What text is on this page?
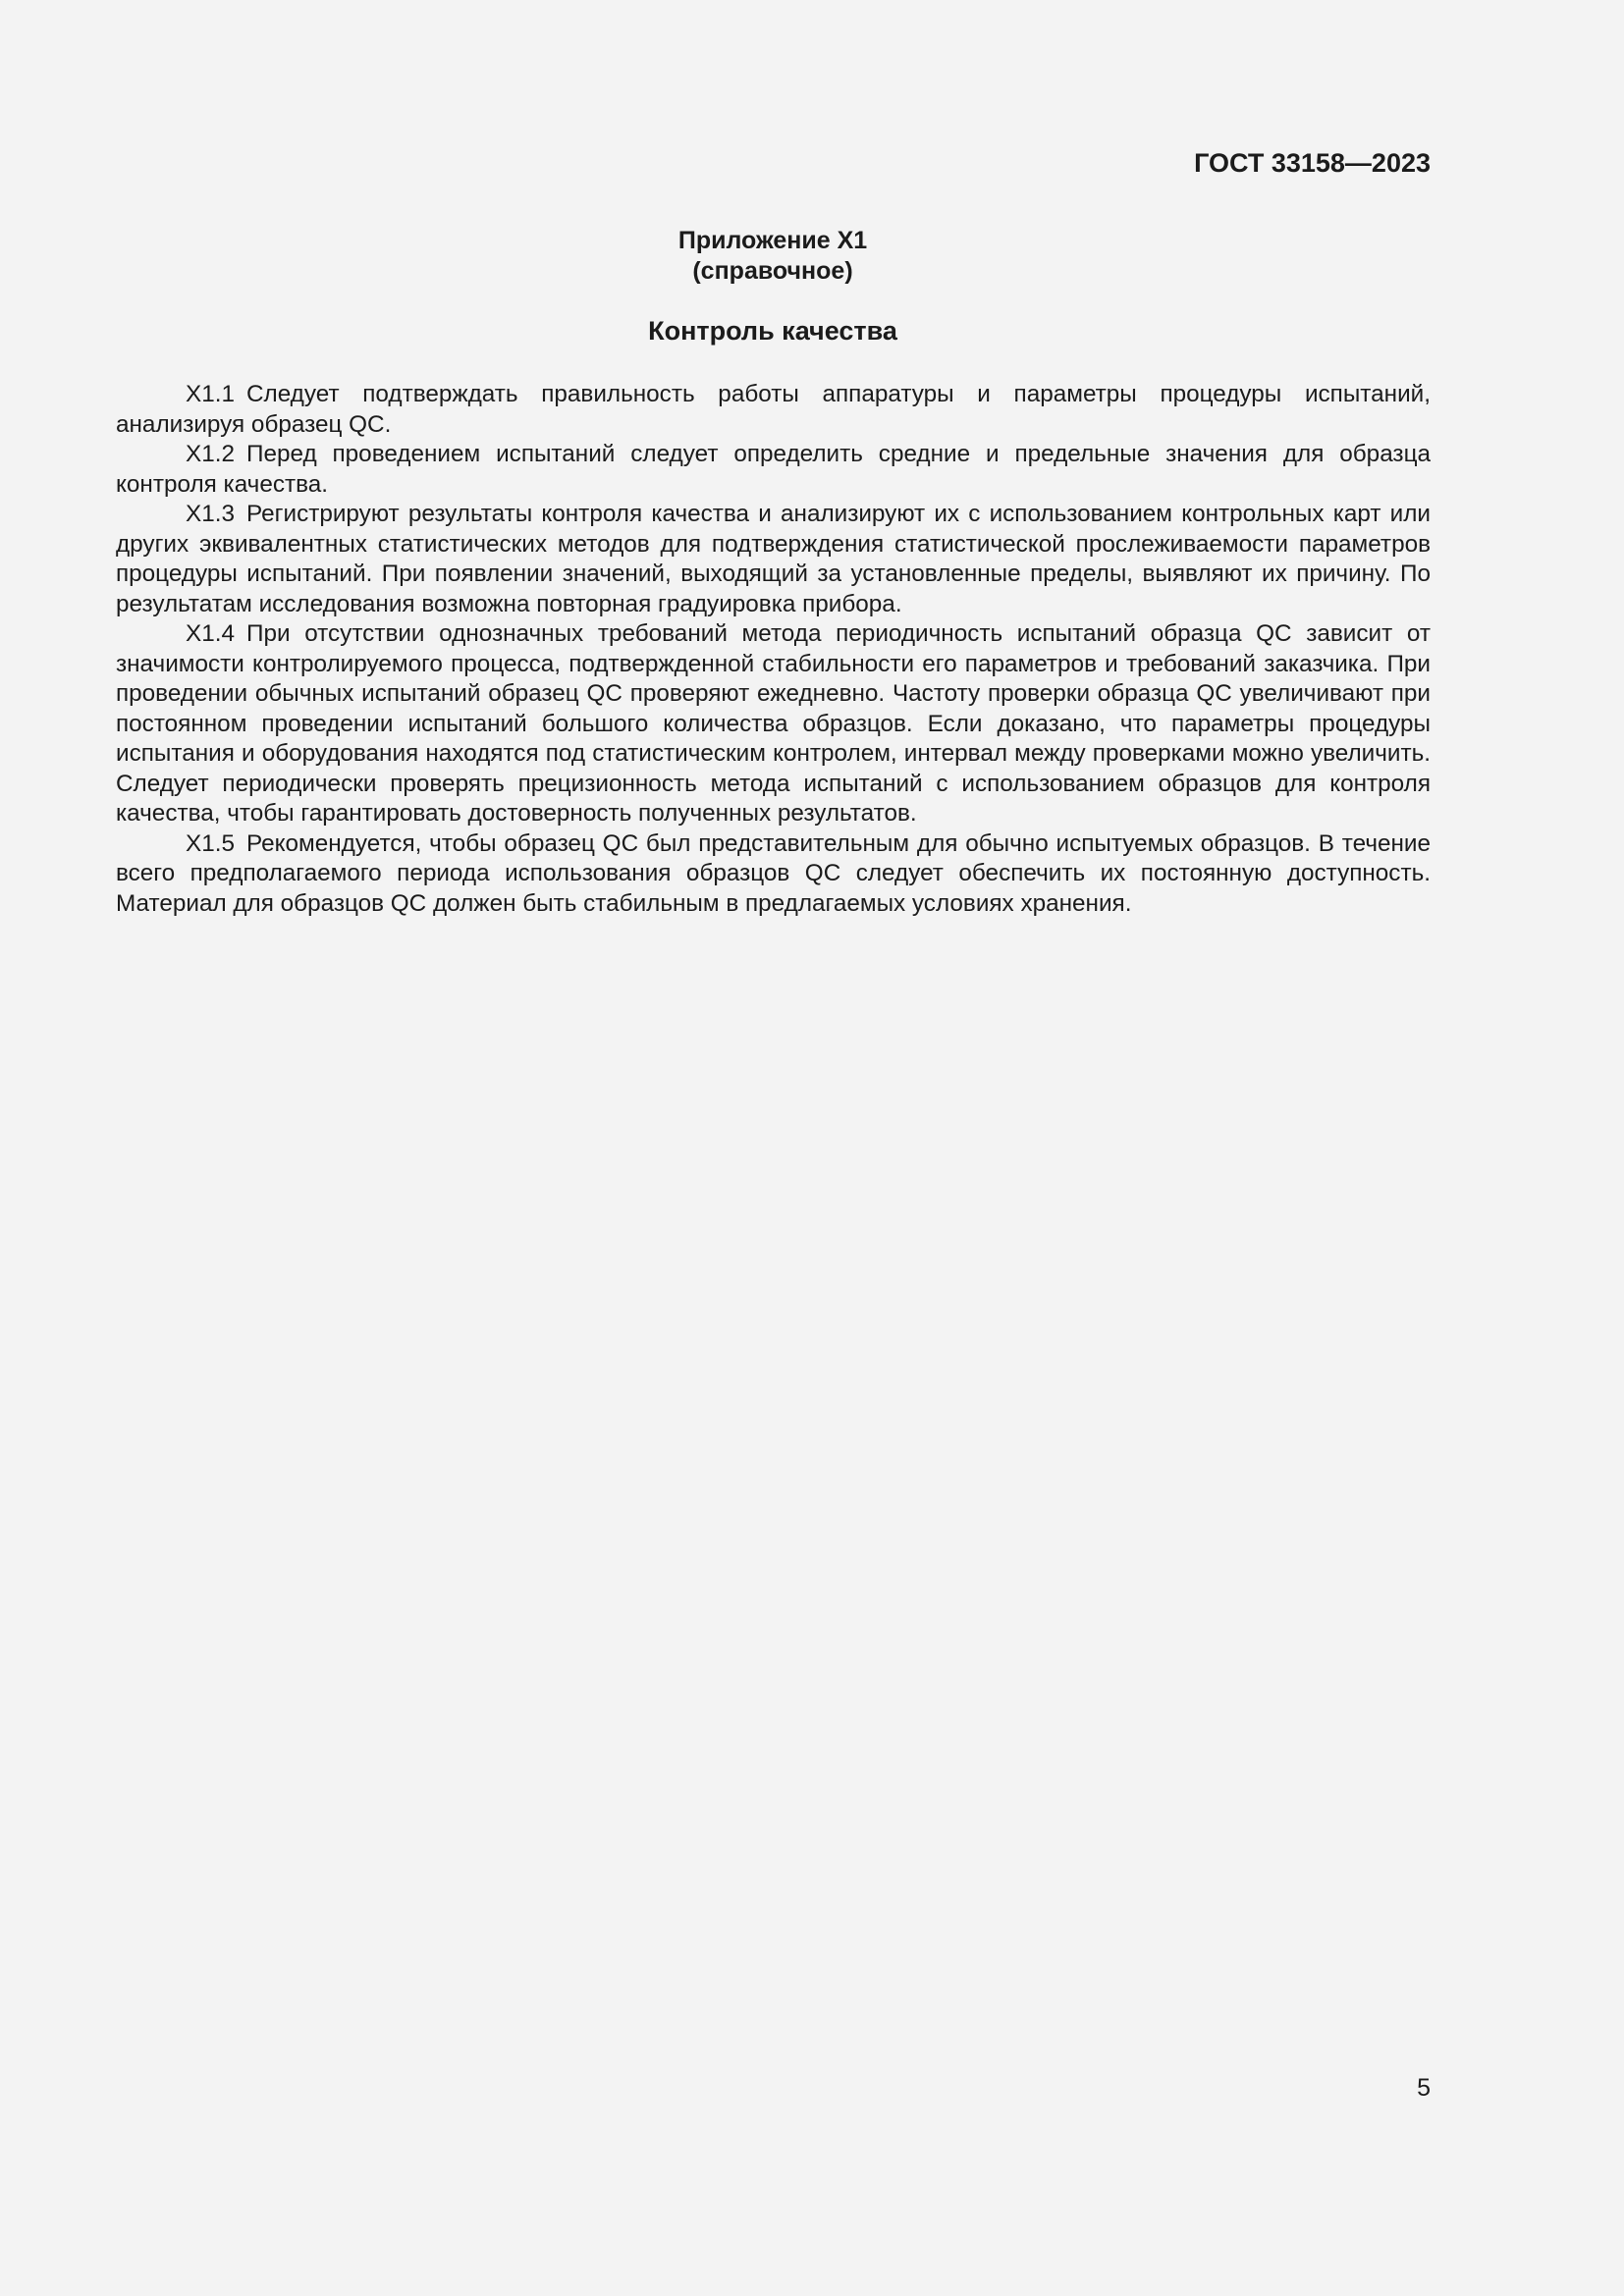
ГОСТ 33158—2023
Приложение X1
(справочное)
Контроль качества

X1.1 Следует подтверждать правильность работы аппаратуры и параметры процедуры испытаний, анализируя образец QC.

X1.2 Перед проведением испытаний следует определить средние и предельные значения для образца контроля качества.

X1.3 Регистрируют результаты контроля качества и анализируют их с использованием контрольных карт или других эквивалентных статистических методов для подтверждения статистической прослеживаемости параметров процедуры испытаний. При появлении значений, выходящий за установленные пределы, выявляют их причину. По результатам исследования возможна повторная градуировка прибора.

X1.4 При отсутствии однозначных требований метода периодичность испытаний образца QC зависит от значимости контролируемого процесса, подтвержденной стабильности его параметров и требований заказчика. При проведении обычных испытаний образец QC проверяют ежедневно. Частоту проверки образца QC увеличивают при постоянном проведении испытаний большого количества образцов. Если доказано, что параметры процедуры испытания и оборудования находятся под статистическим контролем, интервал между проверками можно увеличить. Следует периодически проверять прецизионность метода испытаний с использованием образцов для контроля качества, чтобы гарантировать достоверность полученных результатов.

X1.5 Рекомендуется, чтобы образец QC был представительным для обычно испытуемых образцов. В течение всего предполагаемого периода использования образцов QC следует обеспечить их постоянную доступность. Материал для образцов QC должен быть стабильным в предлагаемых условиях хранения.

5
